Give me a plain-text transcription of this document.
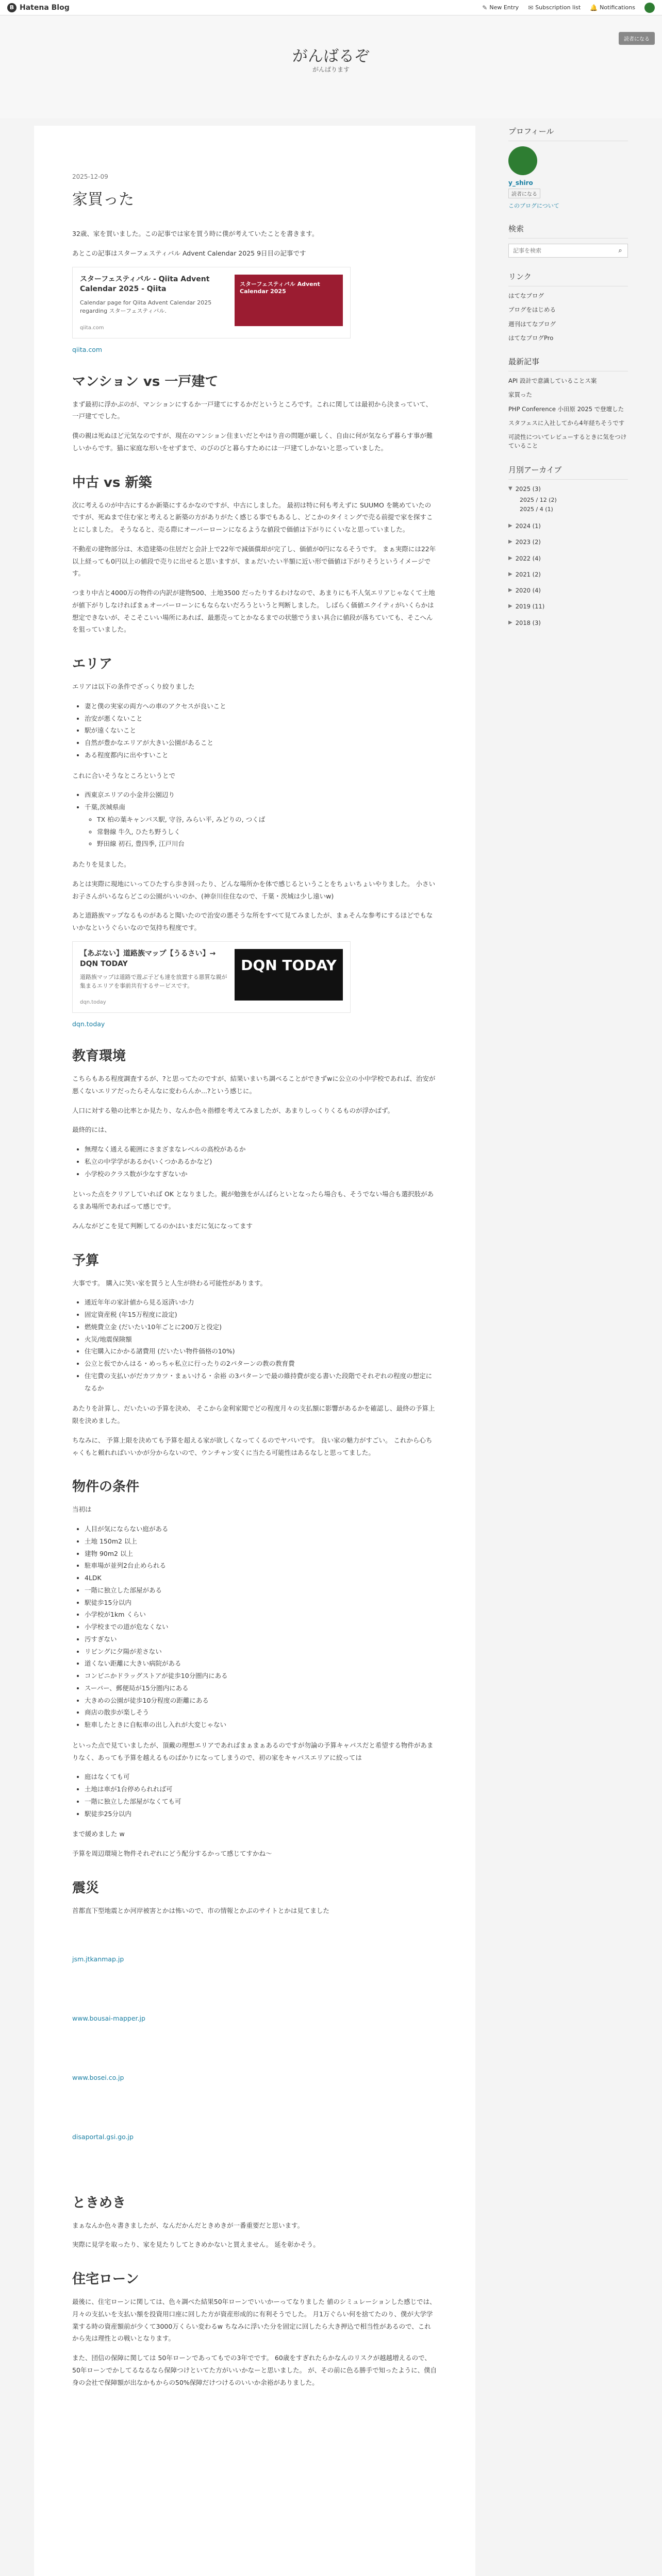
B Hatena Blog	✎ New Entry ✉ Subscription list 🔔 Notifications
読者になる
がんばるぞ
がんばります
2025-12-09
家買った

32歳、家を買いました。この記事では家を買う時に僕が考えていたことを書きます。

あとこの記事はスターフェスティバル Advent Calendar 2025 9日目の記事です

スターフェスティバル - Qiita Advent Calendar 2025 - Qiita
Calendar page for Qiita Advent Calendar 2025 regarding スターフェスティバル.
qiita.com
スターフェスティバル Advent Calendar 2025
qiita.com
マンション vs 一戸建て

まず最初に浮かぶのが、マンションにするか一戸建てにするかだというところです。これに関しては最初から決まっていて、一戸建てでした。

僕の親は死ぬほど元気なのですが、現在のマンション住まいだとやはり音の問題が厳しく、自由に何が気ならず暮らす事が難しいからです。猫に家庭な形いをせずまで、のびのびと暮らすためには一戸建てしかないと思っていました。

中古 vs 新築

次に考えるのが中古にするか新築にするかなのですが、中古にしました。 最初は特に何も考えずに SUUMO を眺めていたのですが、死ぬまで住む家と考えると新築の方がありがたく感じる事でもあるし、どこかのタイミングで売る前提で家を探すことにしました。 そうなると、売る際にオーバーローンになるような値段で価値は下がりにくいなと思っていました。

不動産の建物部分は、木造建築の住居だと会計上で22年で減価償却が完了し、価値が0円になるそうです。 まぁ実際には22年以上経っても0円以上の値段で売りに出せると思いますが、まぁだいたい半額に近い形で価値は下がりそうというイメージです。

つまり中古と4000万の物件の内訳が建物500、土地3500 だったりするわけなので、あまりにも不人気エリアじゃなくて土地が値下がりしなければまぁオーバーローンにもならないだろうというと判断しました。 しばらく価値エクイティがいくらかは想定できないが、そこそこいい場所にあれば、最悪売ってとかなるまでの状態でうまい具合に値段が落ちていても、そこへんを狙っていました。

エリア

エリアは以下の条件でざっくり絞りました

• 妻と僕の実家の両方への車のアクセスが良いこと
• 治安が悪くないこと
• 駅が遠くないこと
• 自然が豊かなエリアが大きい公園があること
• ある程度都内に出やすいこと

これに合いそうなところというとで

• 西東京エリアの小金井公園辺り
• 千葉,茨城県南
◦ TX 柏の葉キャンパス駅, 守谷, みらい平, みどりの, つくば
◦ 常磐線 牛久, ひたち野うしく
◦ 野田線 初石, 豊四季, 江戸川台

あたりを見ました。

あとは実際に現地にいってひたすら歩き回ったり、どんな場所かを体で感じるということをちょいちょいやりました。 小さいお子さんがいるならどこの公園がいいのか、(神奈川住住なので、千葉・茨城は少し遠いw)

あと道路族マップなるものがあると聞いたので治安の悪そうな所をすべて見てみましたが、まぁそんな参考にするほどでもないかなというぐらいなので気持ち程度です。

【あぶない】道路族マップ【うるさい】→ DQN TODAY
道路族マップは道路で遊ぶ子ども達を放置する悪質な親が集まるエリアを事前共有するサービスです。
dqn.today
DQN TODAY
dqn.today
教育環境

こちらもある程度調査するが、?と思ってたのですが、結果いまいち調べることができずwに公立の小中学校であれば、治安が悪くないエリアだったらそんなに変わらんか...?という感じに。

人口に対する塾の比率とか見たり、なんか色々指標を考えてみましたが、あまりしっくりくるものが浮かばず。

最終的には、

• 無理なく通える範囲にさまざまなレベルの高校があるか
• 私立の中学学があるか(いくつかあるかなど)
• 小学校のクラス数が少なすぎないか

といった点をクリアしていれば OK となりました。親が勉強をがんばらといとなったら場合も、そうでない場合も選択肢があるまあ場所であればって感じです。

みんながどこを見て判断してるのかはいまだに気になってます

予算

大事です。 購入に笑い家を買うと人生が終わる可能性があります。

• 通近年年の家計値から見る返済いか力
• 固定資産税 (年15万程度に設定)
• 燃焼費立金 (だいたい10年ごとに200万と役定)
• 火災/地震保険額
• 住宅購入にかかる諸費用 (だいたい物件価格の10%)
• 公立と仮でかんはる・めっちゃ私立に行ったりの2パターンの教の教育費
• 住宅費の支払いがだカツカツ・まぁいける・余裕 の3パターンで最の維持費が変る書いた段階でそれぞれの程度の想定になるか

あたりを計算し、だいたいの予算を決め、 そこから金利家閲でどの程度月々の支払額に影響があるかを確認し、最終の予算上限を決めました。

ちなみに、 予算上限を決めても予算を超える家が欲しくなってくるのでヤバいです。 良い家の魅力がすごい。 これから心ちゃくもと頼れればいいかが分からないので、ウンチャン安くに当たる可能性はあるなしと思ってました。

物件の条件

当初は

• 人目が気にならない庭がある
• 土地 150m2 以上
• 建物 90m2 以上
• 駐車場が並列2台止められる
• 4LDK
• 一階に独立した部屋がある
• 駅徒歩15分以内
• 小学校が1km くらい
• 小学校までの道が危なくない
• 汚すぎない
• リビングに夕陽が差さない
• 道くない距離に大きい病院がある
• コンビニかドラッグストアが徒歩10分圏内にある
• スーパー、郵便局が15分圏内にある
• 大きめの公園が徒歩10分程度の距離にある
• 商店の散歩が楽しそう
• 駐車したときに自転車の出し入れが大変じゃない

といった点で見ていましたが、頂戴の理想エリアであればまぁまぁあるのですが勿論の予算キャパスだと希望する物件があまりなく、あっても予算を越えるものばかりになってしまうので、初の家をキャパスエリアに絞っては

• 庭はなくても可
• 土地は車が1台停められれば可
• 一階に独立した部屋がなくても可
• 駅徒歩25分以内

まで緩めました w

予算を周辺環境と物件それぞれにどう配分するかって感じてすかね〜

震災

首都直下型地震とか河岸被害とかは怖いので、市の情報とかぶのサイトとかは見てました

jsm.jtkanmap.jp
www.bousai-mapper.jp
www.bosei.co.jp
disaportal.gsi.go.jp
ときめき

まぁなんか色々書きましたが、なんだかんだときめきが一番重要だと思います。

実際に見学を取ったり、家を見たりしてときめかないと買えません。 延を彰かそう。

住宅ローン

最後に、住宅ローンに関しては、色々調べた結果50年ローンでいいかーってなりました 値のシミュレーションした感じでは、月々の支払いを支払い額を投資用口座に回した方が資産形成的に有利そうでした。 月1万ぐらい何を捨てたのり、僕が大学学業する時の資産額前が少くて3000万くらい変わるw ちなみに浮いた分を固定に回したら大き押込で相当性があるので、これから先は理性との戦いとなります。

また、団信の保障に関しては 50年ローンであってもでの3年でです。 60歳をすぎれたらかなんのリスクが越越増えるので、50年ローンでかしてるなるなら保障つけといてた方がいいかなーと思いました。 が、その前に色る勝手で知ったように、僕自身の会社で保障額が出なかもからの50%保障だけつけるのいいか余裕がありました。

プロフィール
y_shiro
読者になる
このブログについて
検索
記事を検索
⌕
リンク
はてなブログ
ブログをはじめる
週刊はてなブログ
はてなブログPro
最新記事
API 設計で意識していることス案
家買った
PHP Conference 小田原 2025 で登壇した
スタフェスに入社してから4年経ちそうです
可読性についてレビューするときに気をつけていること
月別アーカイブ
▼ 2025 (3)
2025 / 12 (2)
2025 / 4 (1)
▶ 2024 (1)
▶ 2023 (2)
▶ 2022 (4)
▶ 2021 (2)
▶ 2020 (4)
▶ 2019 (11)
▶ 2018 (3)
